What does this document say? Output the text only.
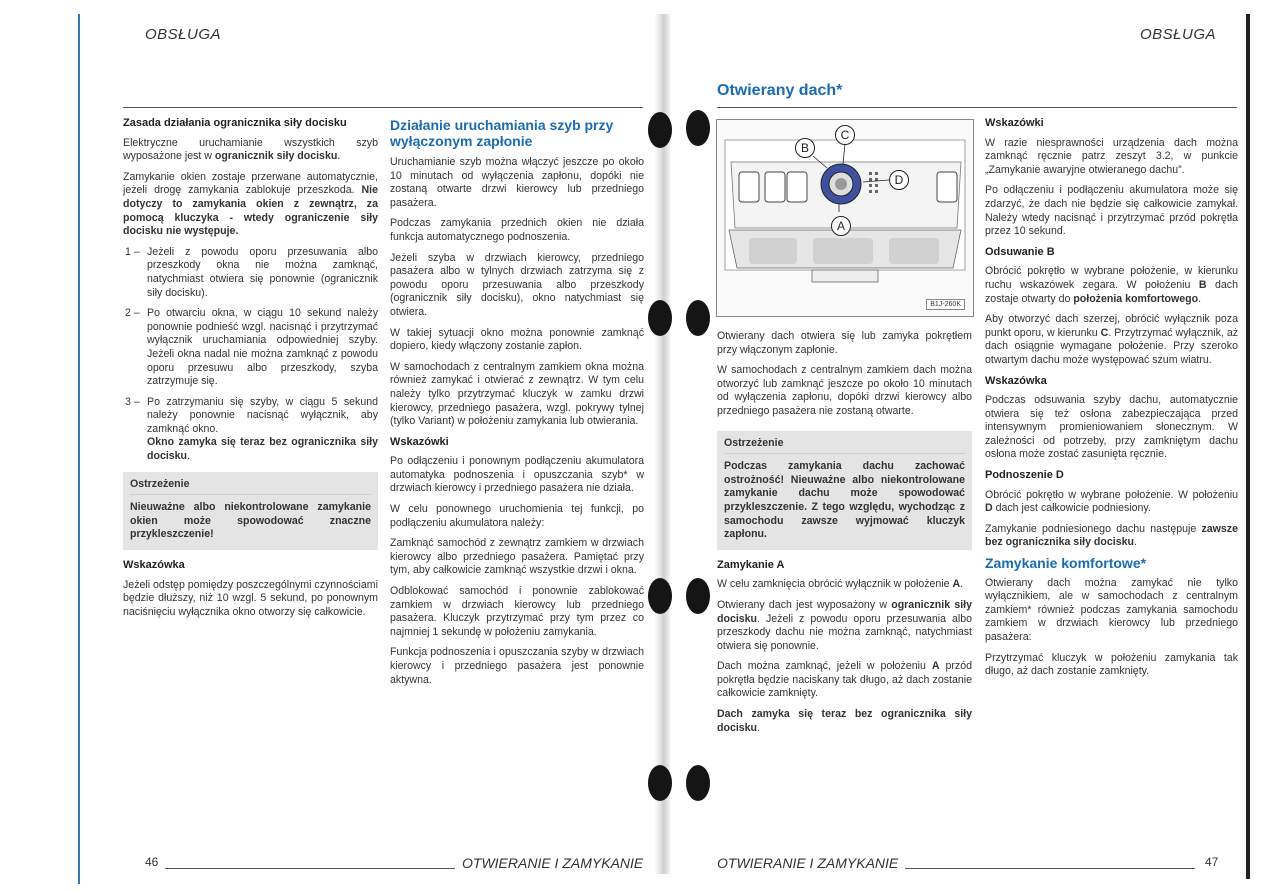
OBSŁUGA
Zasada działania ogranicznika siły docisku

Elektryczne uruchamianie wszystkich szyb wyposażone jest w ogranicznik siły docisku.

Zamykanie okien zostaje przerwane automatycznie, jeżeli drogę zamykania zablokuje przeszkoda. Nie dotyczy to zamykania okien z zewnątrz, za pomocą kluczyka - wtedy ograniczenie siły docisku nie występuje.

1 – Jeżeli z powodu oporu przesuwania albo przeszkody okna nie można zamknąć, natychmiast otwiera się ponownie (ogranicznik siły docisku).
2 – Po otwarciu okna, w ciągu 10 sekund należy ponownie podnieść wzgl. nacisnąć i przytrzymać wyłącznik uruchamiania odpowiedniej szyby. Jeżeli okna nadal nie można zamknąć z powodu oporu przesuwu albo przeszkody, szyba zatrzymuje się.
3 – Po zatrzymaniu się szyby, w ciągu 5 sekund należy ponownie nacisnąć wyłącznik, aby zamknąć okno.
Okno zamyka się teraz bez ogranicznika siły docisku.
Ostrzeżenie
Nieuważne albo niekontrolowane zamykanie okien może spowodować znaczne przykleszczenie!
Wskazówka

Jeżeli odstęp pomiędzy poszczególnymi czynnościami będzie dłuższy, niż 10 wzgl. 5 sekund, po ponownym naciśnięciu wyłącznika okno otworzy się całkowicie.

Działanie uruchamiania szyb przy wyłączonym zapłonie

Uruchamianie szyb można włączyć jeszcze po około 10 minutach od wyłączenia zapłonu, dopóki nie zostaną otwarte drzwi kierowcy lub przedniego pasażera.

Podczas zamykania przednich okien nie działa funkcja automatycznego podnoszenia.

Jeżeli szyba w drzwiach kierowcy, przedniego pasażera albo w tylnych drzwiach zatrzyma się z powodu oporu przesuwania albo przeszkody (ogranicznik siły docisku), okno natychmiast się otwiera.

W takiej sytuacji okno można ponownie zamknąć dopiero, kiedy włączony zostanie zapłon.

W samochodach z centralnym zamkiem okna można również zamykać i otwierać z zewnątrz. W tym celu należy tylko przytrzymać kluczyk w zamku drzwi kierowcy, przedniego pasażera, wzgl. pokrywy tylnej (tylko Variant) w położeniu zamykania lub otwierania.

Wskazówki

Po odłączeniu i ponownym podłączeniu akumulatora automatyka podnoszenia i opuszczania szyb* w drzwiach kierowcy i przedniego pasażera nie działa.

W celu ponownego uruchomienia tej funkcji, po podłączeniu akumulatora należy:

Zamknąć samochód z zewnątrz zamkiem w drzwiach kierowcy albo przedniego pasażera. Pamiętać przy tym, aby całkowicie zamknąć wszystkie drzwi i okna.

Odblokować samochód i ponownie zablokować zamkiem w drzwiach kierowcy lub przedniego pasażera. Kluczyk przytrzymać przy tym przez co najmniej 1 sekundę w położeniu zamykania.

Funkcja podnoszenia i opuszczania szyby w drzwiach kierowcy i przedniego pasażera jest ponownie aktywna.

46	OTWIERANIE I ZAMYKANIE
OBSŁUGA
Otwierany dach*
B
C
D
A
B1J-260K

Otwierany dach otwiera się lub zamyka pokrętłem przy włączonym zapłonie.

W samochodach z centralnym zamkiem dach można otworzyć lub zamknąć jeszcze po około 10 minutach od wyłączenia zapłonu, dopóki drzwi kierowcy albo przedniego pasażera nie zostaną otwarte.

Ostrzeżenie
Podczas zamykania dachu zachować ostrożność! Nieuważne albo niekontrolowane zamykanie dachu może spowodować przykleszczenie. Z tego względu, wychodząc z samochodu zawsze wyjmować kluczyk zapłonu.
Zamykanie A

W celu zamknięcia obrócić wyłącznik w położenie A.

Otwierany dach jest wyposażony w ogranicznik siły docisku. Jeżeli z powodu oporu przesuwania albo przeszkody dachu nie można zamknąć, natychmiast otwiera się ponownie.

Dach można zamknąć, jeżeli w położeniu A przód pokrętła będzie naciskany tak długo, aż dach zostanie całkowicie zamknięty.

Dach zamyka się teraz bez ogranicznika siły docisku.

Wskazówki

W razie niesprawności urządzenia dach można zamknąć ręcznie patrz zeszyt 3.2, w punkcie „Zamykanie awaryjne otwieranego dachu”.

Po odłączeniu i podłączeniu akumulatora może się zdarzyć, że dach nie będzie się całkowicie zamykał. Należy wtedy nacisnąć i przytrzymać przód pokrętła przez 10 sekund.

Odsuwanie B

Obrócić pokrętło w wybrane położenie, w kierunku ruchu wskazówek zegara. W położeniu B dach zostaje otwarty do położenia komfortowego.

Aby otworzyć dach szerzej, obrócić wyłącznik poza punkt oporu, w kierunku C. Przytrzymać wyłącznik, aż dach osiągnie wymagane położenie. Przy szeroko otwartym dachu może występować szum wiatru.

Wskazówka

Podczas odsuwania szyby dachu, automatycznie otwiera się też osłona zabezpieczająca przed intensywnym promieniowaniem słonecznym. W zależności od potrzeby, przy zamkniętym dachu osłona może zostać zasunięta ręcznie.

Podnoszenie D

Obrócić pokrętło w wybrane położenie. W położeniu D dach jest całkowicie podniesiony.

Zamykanie podniesionego dachu następuje zawsze bez ogranicznika siły docisku.

Zamykanie komfortowe*

Otwierany dach można zamykać nie tylko wyłącznikiem, ale w samochodach z centralnym zamkiem* również podczas zamykania samochodu zamkiem w drzwiach kierowcy lub przedniego pasażera:

Przytrzymać kluczyk w położeniu zamykania tak długo, aż dach zostanie zamknięty.

OTWIERANIE I ZAMYKANIE	47
